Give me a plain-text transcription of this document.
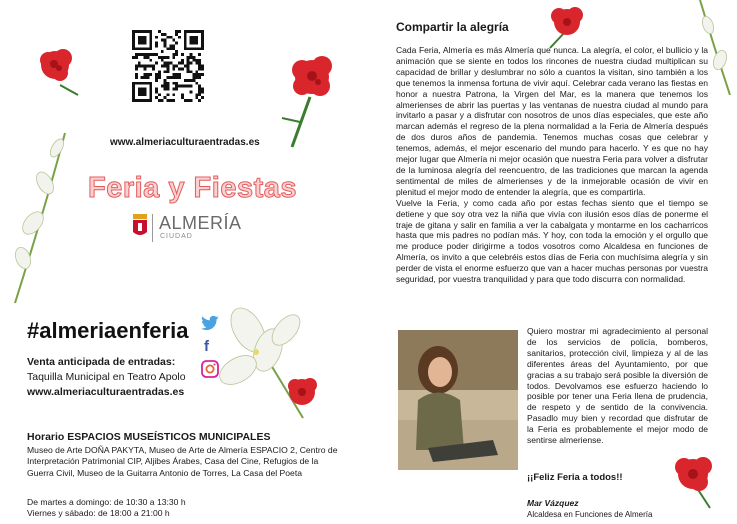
www.almeriaculturaentradas.es
Feria y Fiestas
ALMERÍA
CIUDAD
#almeriaenferia
f
Venta anticipada de entradas:
Taquilla Municipal en Teatro Apolo
www.almeriaculturaentradas.es
Horario ESPACIOS MUSEÍSTICOS MUNICIPALES
Museo de Arte DOÑA PAKYTA, Museo de Arte de Almería ESPACIO 2, Centro de Interpretación Patrimonial CIP, Aljibes Árabes, Casa del Cine, Refugios de la Guerra Civil, Museo de la Guitarra Antonio de Torres, La Casa del Poeta
De martes a domingo: de 10:30 a 13:30 h
Viernes y sábado: de 18:00 a 21:00 h
Compartir la alegría

Cada Feria, Almería es más Almería que nunca. La alegría, el color, el bullicio y la animación que se siente en todos los rincones de nuestra ciudad multiplican su capacidad de brillar y deslumbrar no sólo a cuantos la visitan, sino también a los que tenemos la inmensa fortuna de vivir aquí. Celebrar cada verano las fiestas en honor a nuestra Patrona, la Virgen del Mar, es la manera que tenemos los almerienses de abrir las puertas y las ventanas de nuestra ciudad al mundo para invitarlo a pasar y a disfrutar con nosotros de unos días especiales, que este año marcan además el regreso de la plena normalidad a la Feria de Almería después de dos duros años de pandemia. Tenemos muchas cosas que celebrar y tenemos, además, el mejor escenario del mundo para hacerlo. Y es que no hay mejor lugar que Almería ni mejor ocasión que nuestra Feria para volver a disfrutar de la luminosa alegría del reencuentro, de las tradiciones que marcan la agenda sentimental de miles de almerienses y de la inmejorable ocasión de vivir en plenitud el mejor modo de entender la alegría, que es compartirla.

Vuelve la Feria, y como cada año por estas fechas siento que el tiempo se detiene y que soy otra vez la niña que vivía con ilusión esos días de ponerme el traje de gitana y salir en familia a ver la cabalgata y montarme en los cacharricos hasta que mis padres no podían más. Y hoy, con toda la emoción y el orgullo que me produce poder dirigirme a todos vosotros como Alcaldesa en funciones de Almería, os invito a que celebréis estos días de Feria con muchísima alegría y sin perder de vista el enorme esfuerzo que van a hacer muchas personas por vuestra seguridad, por vuestra tranquilidad y para que todo discurra con normalidad.

Quiero mostrar mi agradecimiento al personal de los servicios de policía, bomberos, sanitarios, protección civil, limpieza y al de las diferentes áreas del Ayuntamiento, por que gracias a su trabajo será posible la diversión de todos. Devolvamos ese esfuerzo haciendo lo posible por tener una Feria llena de prudencia, de respeto y de sentido de la convivencia. Pasadlo muy bien y recordad que disfrutar de la Feria es probablemente el mejor modo de sentirse almeriense.
¡¡Feliz Feria a todos!!
Mar Vázquez
Alcaldesa en Funciones de Almería
